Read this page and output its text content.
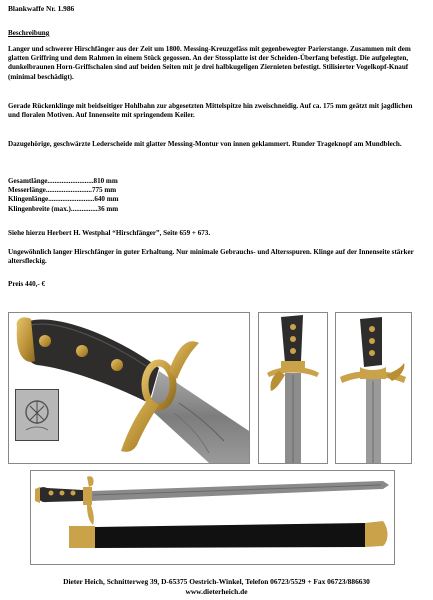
Blankwaffe Nr. 1.986
Beschreibung
Langer und schwerer Hirschfänger aus der Zeit um 1800. Messing-Kreuzgefäss mit gegenbewegter Parierstange. Zusammen mit dem glatten Griffring und dem Rahmen in einem Stück gegossen. An der Stossplatte ist der Scheiden-Überfang befestigt. Die aufgelegten, dunkelbraunen Horn-Griffschalen sind auf beiden Seiten mit je drei halbkugeligen Ziernieten befestigt. Stilisierter Vogelkopf-Knauf (minimal beschädigt).
Gerade Rückenklinge mit beidseitiger Hohlbahn zur abgesetzten Mittelspitze hin zweischneidig. Auf ca. 175 mm geätzt mit jagdlichen und floralen Motiven. Auf Innenseite mit springendem Keiler.
Dazugehörige, geschwärzte Lederscheide mit glatter Messing-Montur von innen geklammert. Runder Trageknopf am Mundblech.
Gesamtlänge.......................... 810 mm
Messerlänge.......................... 775 mm
Klingenlänge.......................... 640 mm
Klingenbreite (max.)............... 36 mm
Siehe hierzu Herbert H. Westphal “Hirschfänger”, Seite 659 + 673.
Ungewöhnlich langer Hirschfänger in guter Erhaltung. Nur minimale Gebrauchs- und Altersspuren. Klinge auf der Innenseite stärker altersfleckig.
Preis 440,- €
Dieter Heich, Schnitterweg 39, D-65375 Oestrich-Winkel, Telefon 06723/5529 + Fax 06723/886630
www.dieterheich.de
